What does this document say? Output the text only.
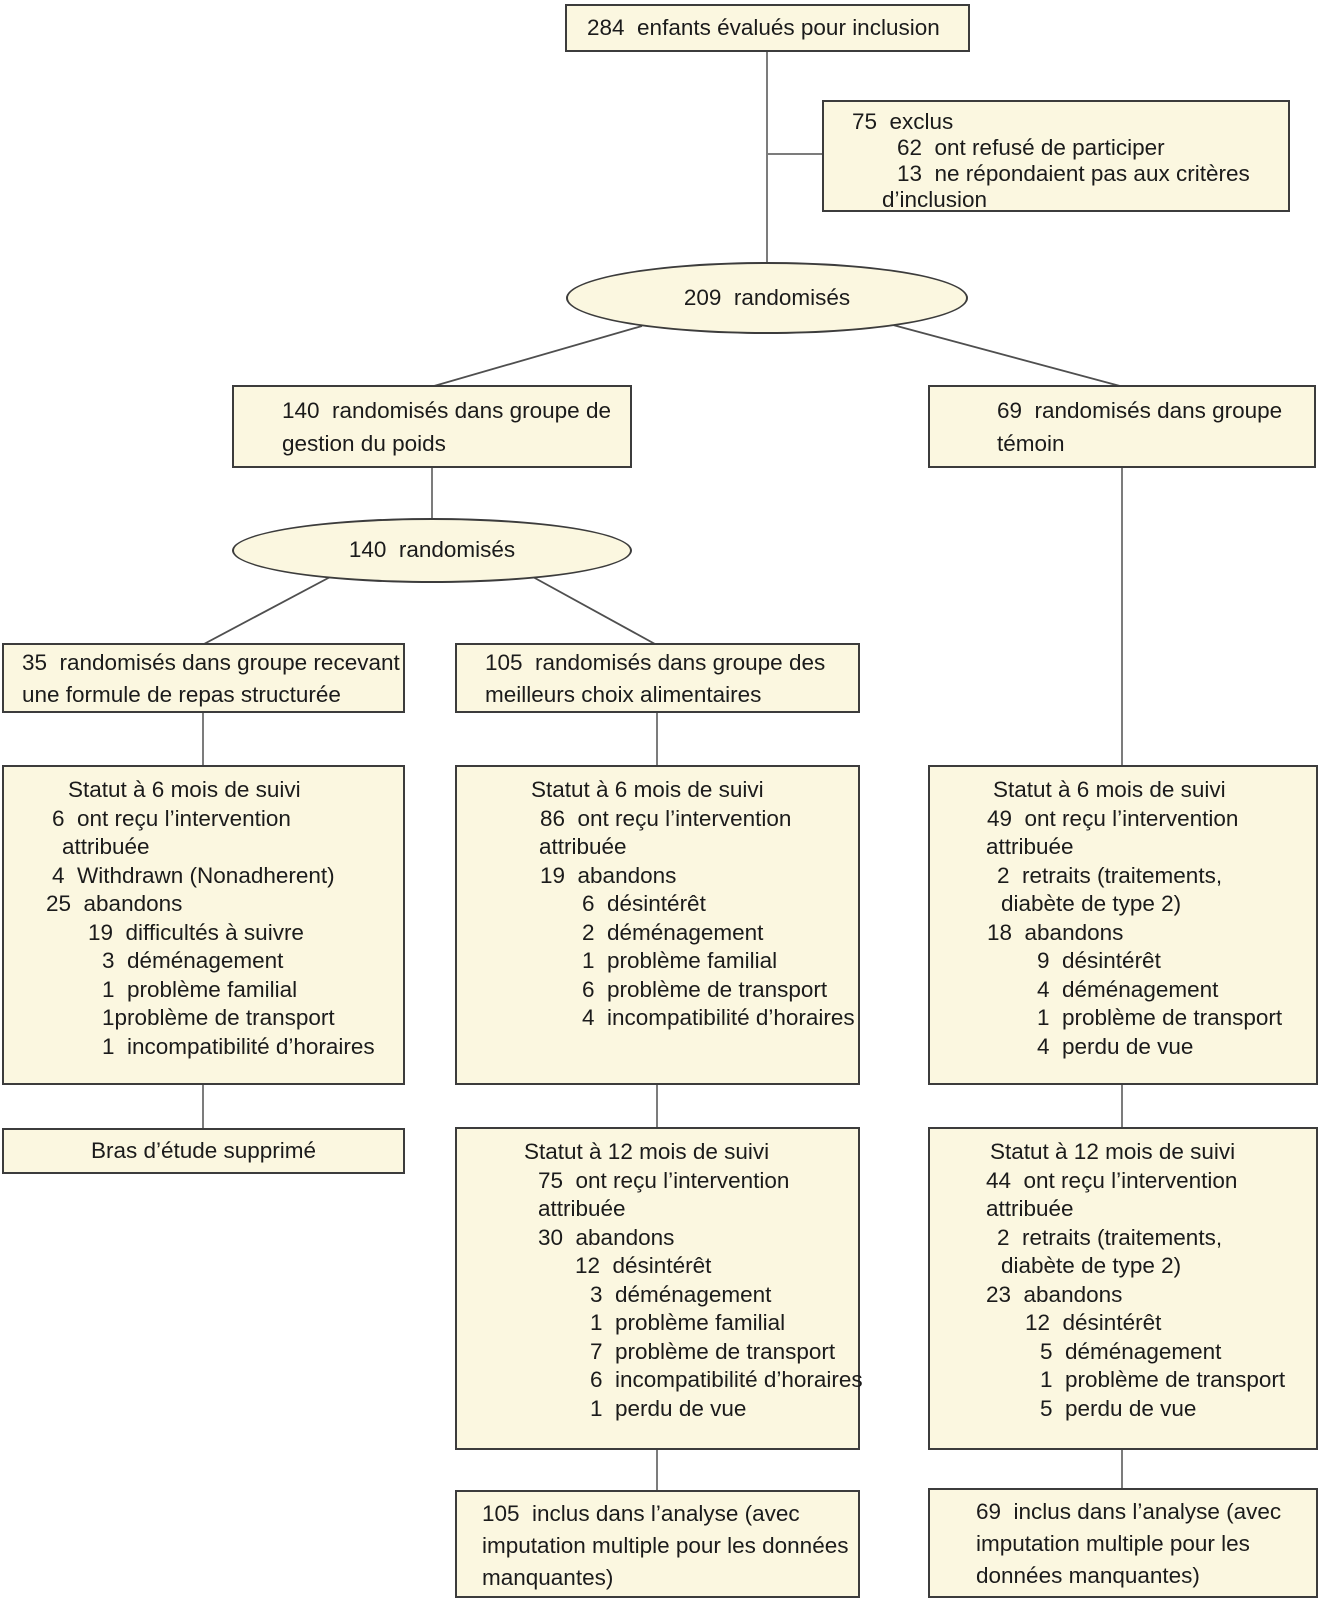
284  enfants évalués pour inclusion
75  exclus
62  ont refusé de participer
13  ne répondaient pas aux critères
d’inclusion
209  randomisés
140  randomisés dans groupe de
gestion du poids
69  randomisés dans groupe
témoin
140  randomisés
35  randomisés dans groupe recevant
une formule de repas structurée
105  randomisés dans groupe des
meilleurs choix alimentaires
Statut à 6 mois de suivi
6  ont reçu l’intervention
attribuée
4  Withdrawn (Nonadherent)
25  abandons
19  difficultés à suivre
3  déménagement
1  problème familial
1problème de transport
1  incompatibilité d’horaires
Statut à 6 mois de suivi
86  ont reçu l’intervention
attribuée
19  abandons
6  désintérêt
2  déménagement
1  problème familial
6  problème de transport
4  incompatibilité d’horaires
Statut à 6 mois de suivi
49  ont reçu l’intervention
attribuée
2  retraits (traitements,
diabète de type 2)
18  abandons
9  désintérêt
4  déménagement
1  problème de transport
4  perdu de vue
Bras d’étude supprimé	Statut à 12 mois de suivi
75  ont reçu l’intervention
attribuée
30  abandons
12  désintérêt
3  déménagement
1  problème familial
7  problème de transport
6  incompatibilité d’horaires
1  perdu de vue
Statut à 12 mois de suivi
44  ont reçu l’intervention
attribuée
2  retraits (traitements,
diabète de type 2)
23  abandons
12  désintérêt
5  déménagement
1  problème de transport
5  perdu de vue
105  inclus dans l’analyse (avec
imputation multiple pour les données
manquantes)
69  inclus dans l’analyse (avec
imputation multiple pour les
données manquantes)
